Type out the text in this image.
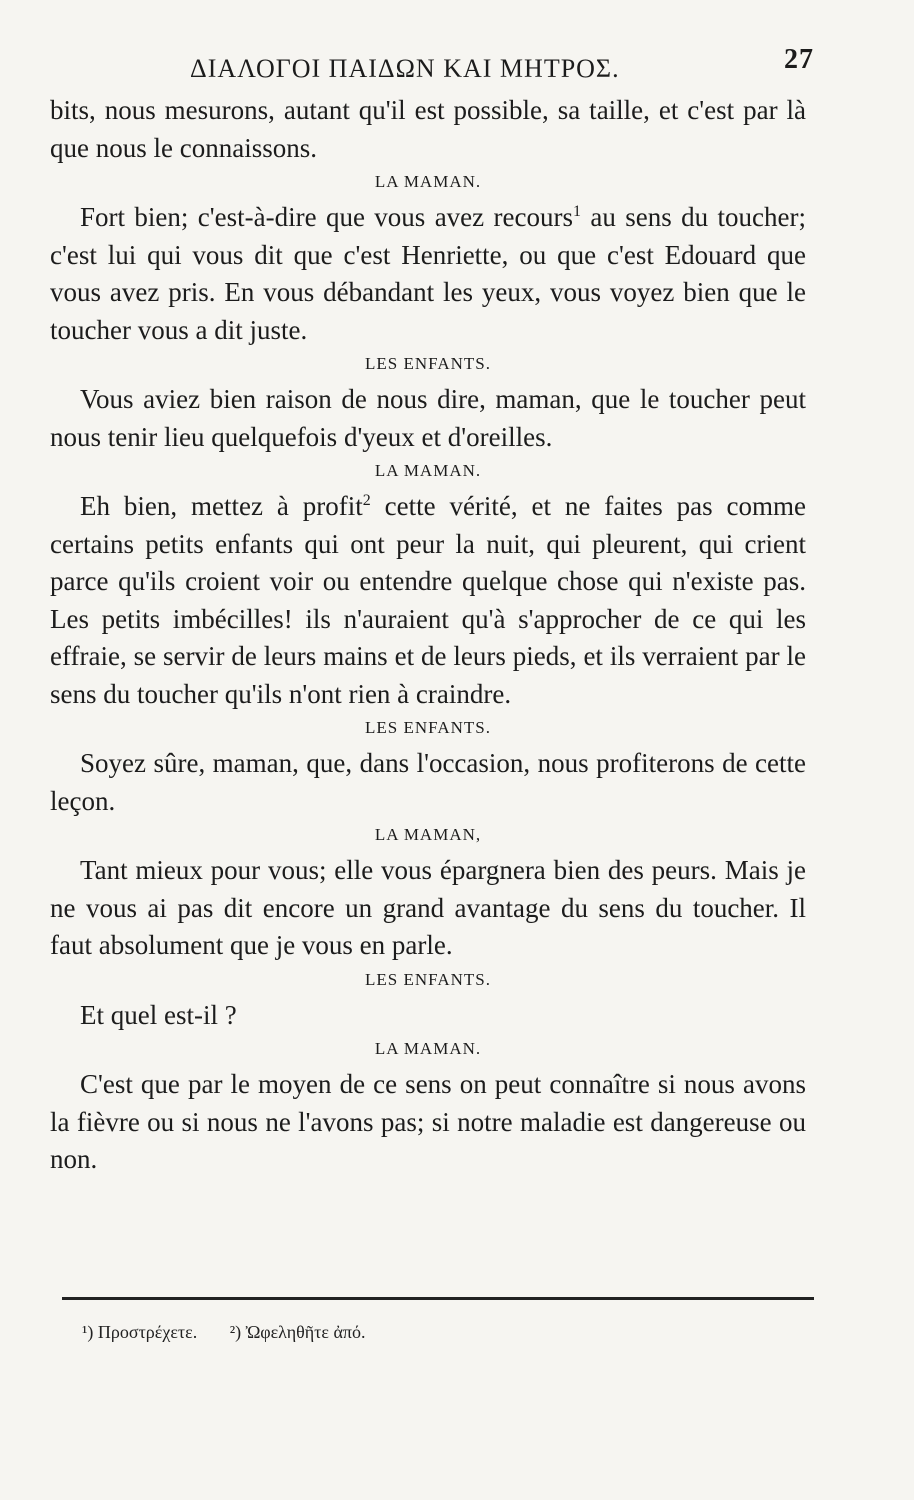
ΔΙΑΛΟΓΟΙ ΠΑΙΔΩΝ ΚΑΙ ΜΗΤΡΟΣ.	27

bits, nous mesurons, autant qu'il est possible, sa taille, et c'est par là que nous le connaissons.

LA MAMAN.

Fort bien; c'est-à-dire que vous avez recours$^1$ au sens du toucher; c'est lui qui vous dit que c'est Henriette, ou que c'est Edouard que vous avez pris. En vous débandant les yeux, vous voyez bien que le toucher vous a dit juste.

LES ENFANTS.

Vous aviez bien raison de nous dire, maman, que le toucher peut nous tenir lieu quelquefois d'yeux et d'oreilles.

LA MAMAN.

Eh bien, mettez à profit$^2$ cette vérité, et ne faites pas comme certains petits enfants qui ont peur la nuit, qui pleurent, qui crient parce qu'ils croient voir ou entendre quelque chose qui n'existe pas. Les petits imbécilles! ils n'auraient qu'à s'approcher de ce qui les effraie, se servir de leurs mains et de leurs pieds, et ils verraient par le sens du toucher qu'ils n'ont rien à craindre.

LES ENFANTS.

Soyez sûre, maman, que, dans l'occasion, nous profiterons de cette leçon.

LA MAMAN,

Tant mieux pour vous; elle vous épargnera bien des peurs. Mais je ne vous ai pas dit encore un grand avantage du sens du toucher. Il faut absolument que je vous en parle.

LES ENFANTS.

Et quel est-il ?

LA MAMAN.

C'est que par le moyen de ce sens on peut connaître si nous avons la fièvre ou si nous ne l'avons pas; si notre maladie est dangereuse ou non.

¹) Προστρέχετε. ²) Ὠφεληθῆτε ἀπό.
